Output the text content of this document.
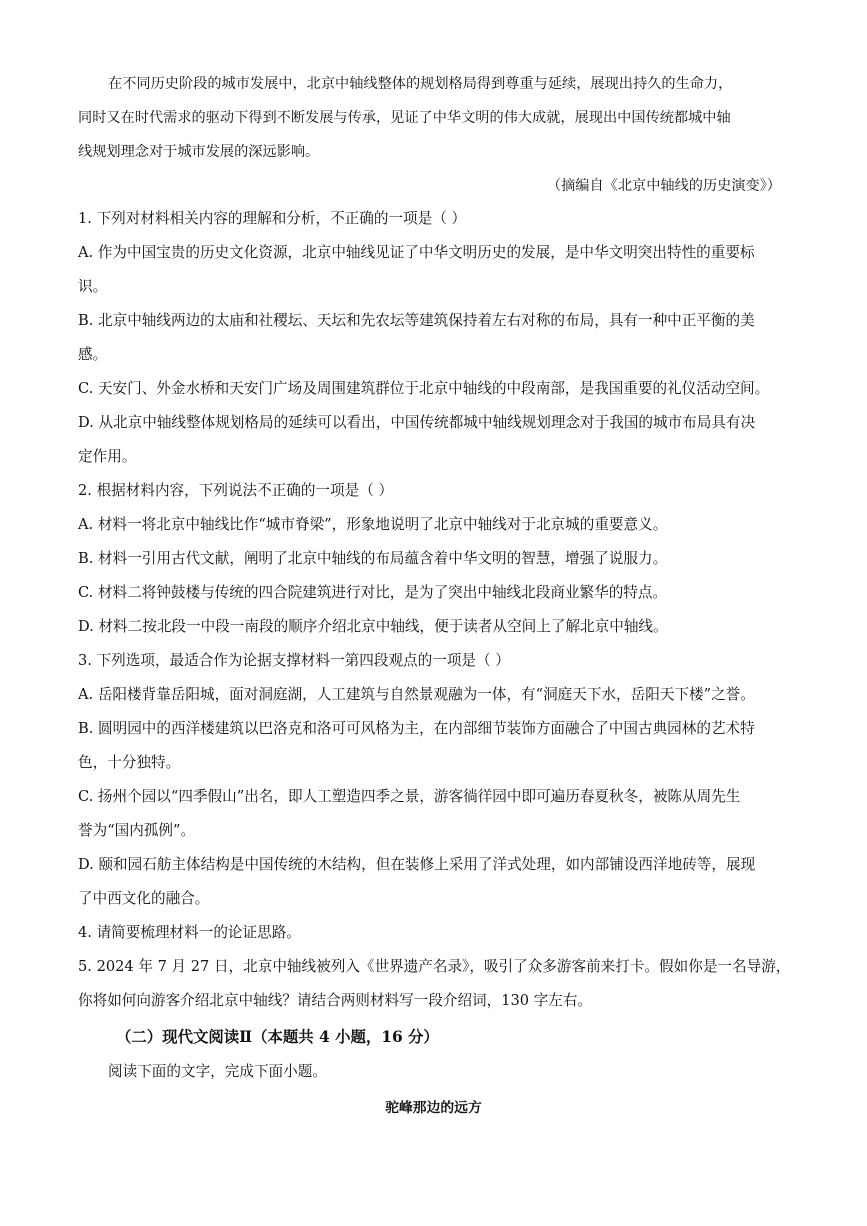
在不同历史阶段的城市发展中，北京中轴线整体的规划格局得到尊重与延续，展现出持久的生命力，
同时又在时代需求的驱动下得到不断发展与传承，见证了中华文明的伟大成就，展现出中国传统都城中轴
线规划理念对于城市发展的深远影响。
（摘编自《北京中轴线的历史演变》）
1. 下列对材料相关内容的理解和分析，不正确的一项是（ ）
A. 作为中国宝贵的历史文化资源，北京中轴线见证了中华文明历史的发展，是中华文明突出特性的重要标
识。
B. 北京中轴线两边的太庙和社稷坛、天坛和先农坛等建筑保持着左右对称的布局，具有一种中正平衡的美
感。
C. 天安门、外金水桥和天安门广场及周围建筑群位于北京中轴线的中段南部，是我国重要的礼仪活动空间。
D. 从北京中轴线整体规划格局的延续可以看出，中国传统都城中轴线规划理念对于我国的城市布局具有决
定作用。
2. 根据材料内容，下列说法不正确的一项是（ ）
A. 材料一将北京中轴线比作“城市脊梁”，形象地说明了北京中轴线对于北京城的重要意义。
B. 材料一引用古代文献，阐明了北京中轴线的布局蕴含着中华文明的智慧，增强了说服力。
C. 材料二将钟鼓楼与传统的四合院建筑进行对比，是为了突出中轴线北段商业繁华的特点。
D. 材料二按北段一中段一南段的顺序介绍北京中轴线，便于读者从空间上了解北京中轴线。
3. 下列选项，最适合作为论据支撑材料一第四段观点的一项是（ ）
A. 岳阳楼背靠岳阳城，面对洞庭湖，人工建筑与自然景观融为一体，有“洞庭天下水，岳阳天下楼”之誉。
B. 圆明园中的西洋楼建筑以巴洛克和洛可可风格为主，在内部细节装饰方面融合了中国古典园林的艺术特
色，十分独特。
C. 扬州个园以“四季假山”出名，即人工塑造四季之景，游客徜徉园中即可遍历春夏秋冬，被陈从周先生
誉为“国内孤例”。
D. 颐和园石舫主体结构是中国传统的木结构，但在装修上采用了洋式处理，如内部铺设西洋地砖等，展现
了中西文化的融合。
4. 请简要梳理材料一的论证思路。
5. 2024 年 7 月 27 日，北京中轴线被列入《世界遗产名录》，吸引了众多游客前来打卡。假如你是一名导游，
你将如何向游客介绍北京中轴线？请结合两则材料写一段介绍词，130 字左右。
（二）现代文阅读Ⅱ（本题共 4 小题，16 分）
阅读下面的文字，完成下面小题。
驼峰那边的远方
